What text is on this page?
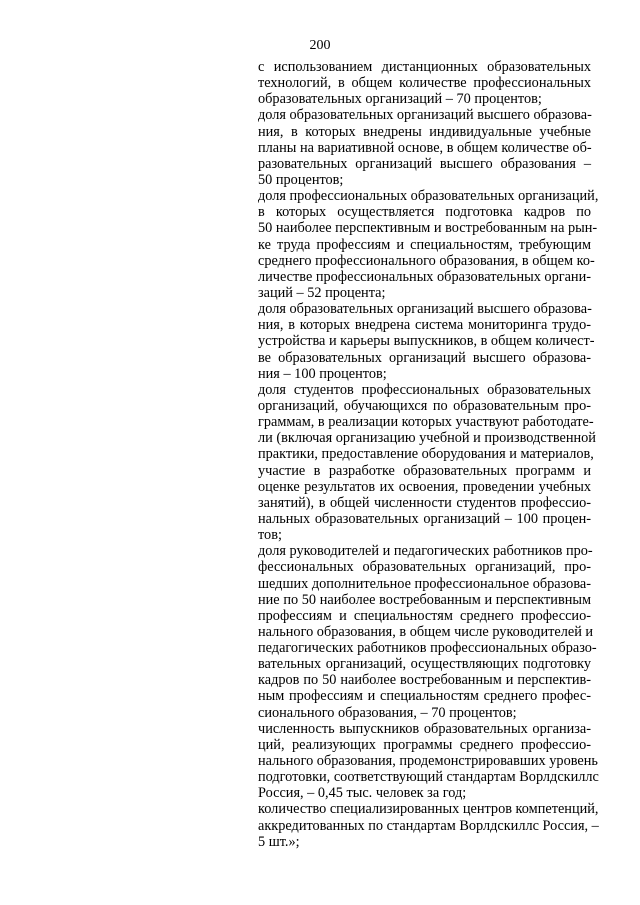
200
с использованием дистанционных образовательных
технологий, в общем количестве профессиональных
образовательных организаций – 70 процентов;
доля образовательных организаций высшего образова-
ния, в которых внедрены индивидуальные учебные
планы на вариативной основе, в общем количестве об-
разовательных организаций высшего образования –
50 процентов;
доля профессиональных образовательных организаций,
в которых осуществляется подготовка кадров по
50 наиболее перспективным и востребованным на рын-
ке труда профессиям и специальностям, требующим
среднего профессионального образования, в общем ко-
личестве профессиональных образовательных органи-
заций – 52 процента;
доля образовательных организаций высшего образова-
ния, в которых внедрена система мониторинга трудо-
устройства и карьеры выпускников, в общем количест-
ве образовательных организаций высшего образова-
ния – 100 процентов;
доля студентов профессиональных образовательных
организаций, обучающихся по образовательным про-
граммам, в реализации которых участвуют работодате-
ли (включая организацию учебной и производственной
практики, предоставление оборудования и материалов,
участие в разработке образовательных программ и
оценке результатов их освоения, проведении учебных
занятий), в общей численности студентов профессио-
нальных образовательных организаций – 100 процен-
тов;
доля руководителей и педагогических работников про-
фессиональных образовательных организаций, про-
шедших дополнительное профессиональное образова-
ние по 50 наиболее востребованным и перспективным
профессиям и специальностям среднего профессио-
нального образования, в общем числе руководителей и
педагогических работников профессиональных образо-
вательных организаций, осуществляющих подготовку
кадров по 50 наиболее востребованным и перспектив-
ным профессиям и специальностям среднего профес-
сионального образования, – 70 процентов;
численность выпускников образовательных организа-
ций, реализующих программы среднего профессио-
нального образования, продемонстрировавших уровень
подготовки, соответствующий стандартам Ворлдскиллс
Россия, – 0,45 тыс. человек за год;
количество специализированных центров компетенций,
аккредитованных по стандартам Ворлдскиллс Россия, –
5 шт.»;
